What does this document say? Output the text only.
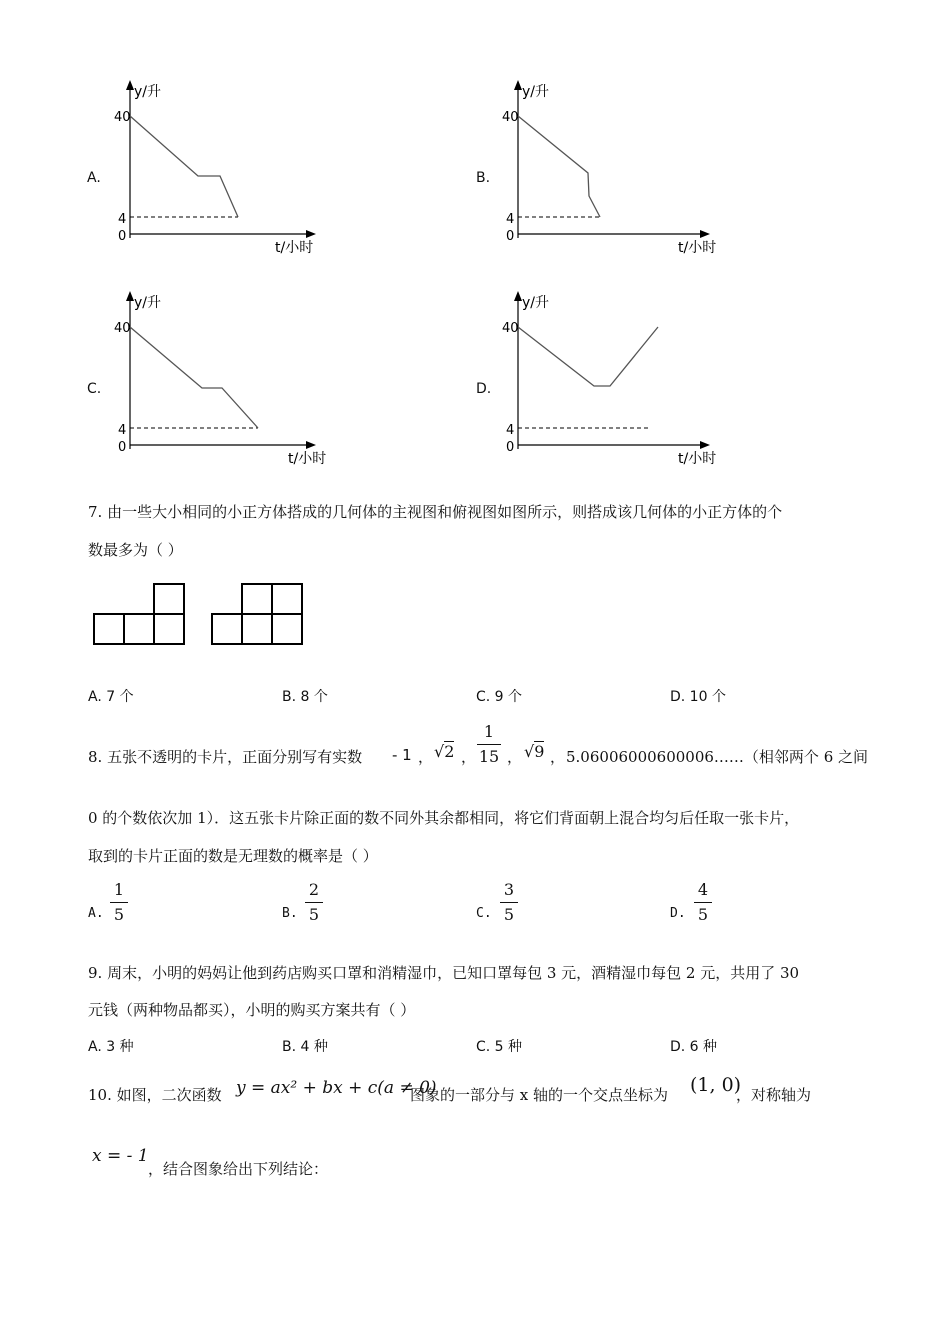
A.
y/升
40
4
0
t/小时
B.
y/升
40
4
0
t/小时
C.
y/升
40
4
0
t/小时
D.
y/升
40
4
0
t/小时
7. 由一些大小相同的小正方体搭成的几何体的主视图和俯视图如图所示，则搭成该几何体的小正方体的个
数最多为（ ）
A. 7 个	B. 8 个	C. 9 个	D. 10 个
8. 五张不透明的卡片，正面分别写有实数 - 1 ， √2 ，
1
15 ， √9 ， 5.06006000600006……（相邻两个 6 之间
0 的个数依次加 1）．这五张卡片除正面的数不同外其余都相同，将它们背面朝上混合均匀后任取一张卡片，
取到的卡片正面的数是无理数的概率是（ ）
A.
1
5	B.
2
5	C.
3
5	D.
4
5
9. 周末，小明的妈妈让他到药店购买口罩和消精湿巾，已知口罩每包 3 元，酒精湿巾每包 2 元，共用了 30
元钱（两种物品都买），小明的购买方案共有（ ）
A. 3 种	B. 4 种	C. 5 种	D. 6 种
10. 如图，二次函数 y = ax² + bx + c(a ≠ 0)
图象的一部分与 x 轴的一个交点坐标为 (1, 0)
，对称轴为
x = - 1
，结合图象给出下列结论：
